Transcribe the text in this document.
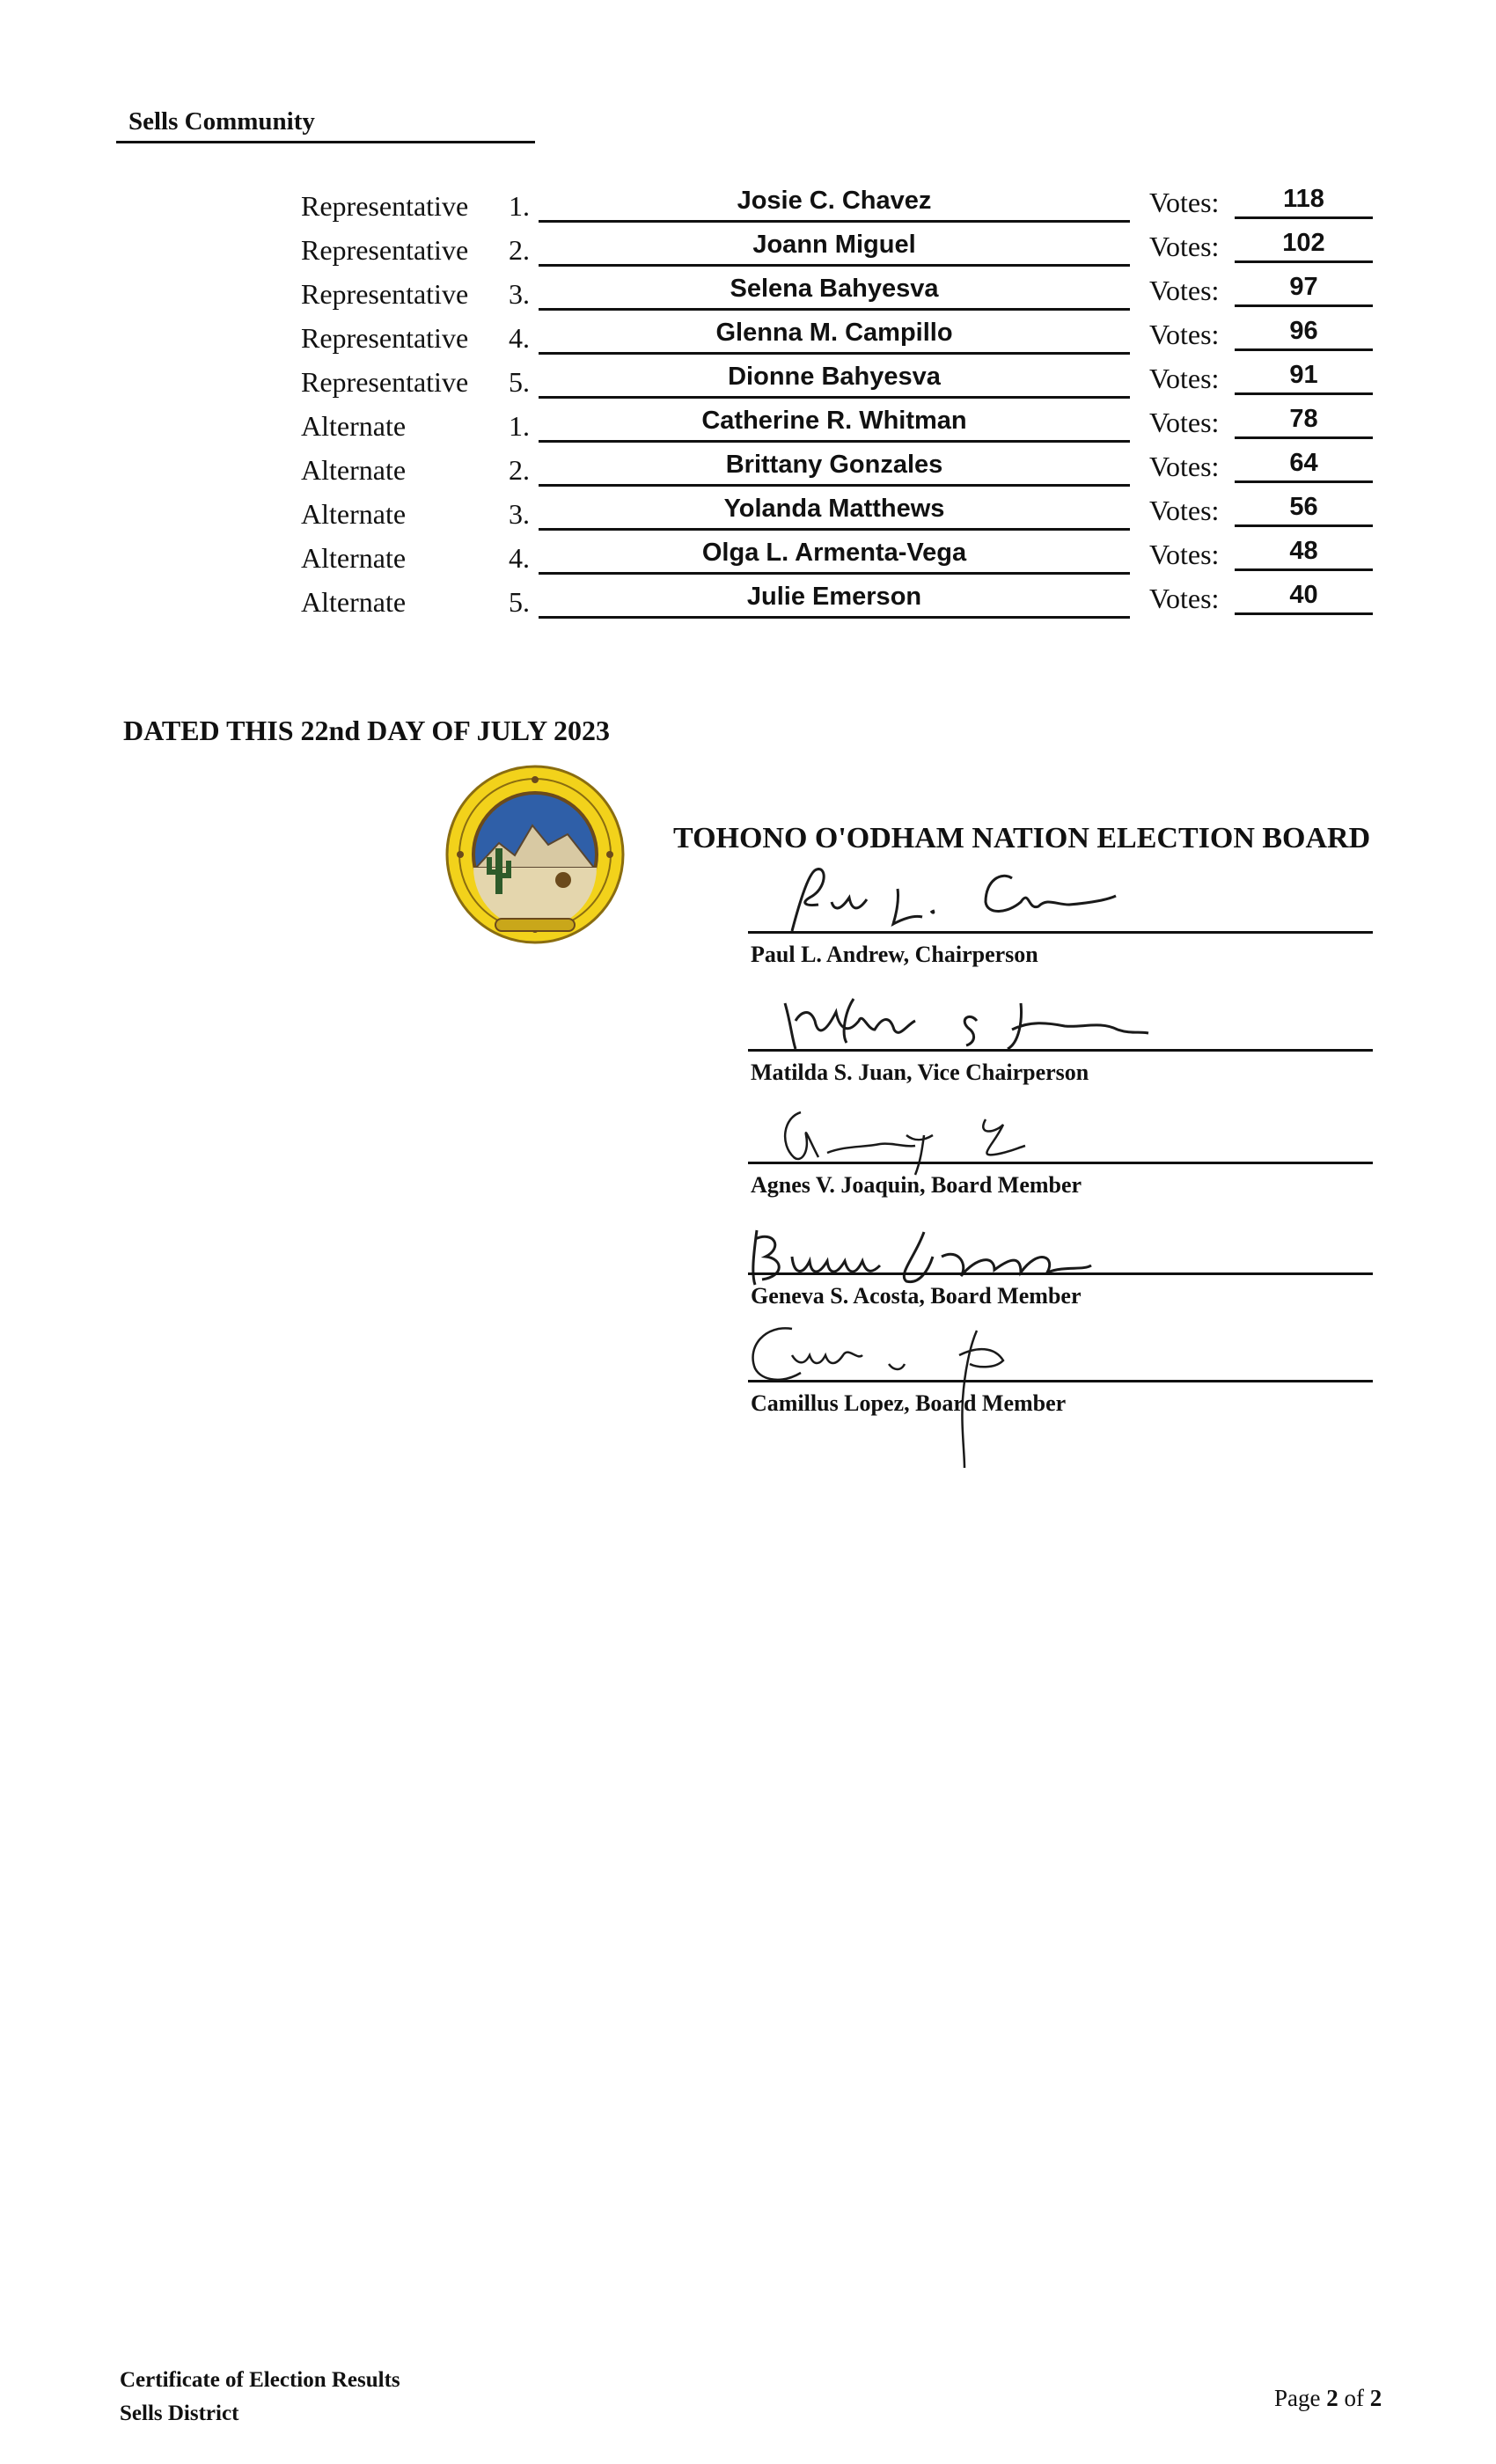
Sells Community
Representative 1.	Josie C. Chavez	Votes:	118
Representative 2.	Joann Miguel	Votes:	102
Representative 3.	Selena Bahyesva	Votes:	97
Representative 4.	Glenna M. Campillo	Votes:	96
Representative 5.	Dionne Bahyesva	Votes:	91
Alternate	1.	Catherine R. Whitman	Votes:	78
Alternate	2.	Brittany Gonzales	Votes:	64
Alternate	3.	Yolanda Matthews	Votes:	56
Alternate	4.	Olga L. Armenta-Vega	Votes:	48
Alternate	5.	Julie Emerson	Votes:	40
DATED THIS 22nd DAY OF JULY 2023
TOHONO O'ODHAM NATION ELECTION BOARD
Paul L. Andrew, Chairperson
Matilda S. Juan, Vice Chairperson
Agnes V. Joaquin, Board Member
Geneva S. Acosta, Board Member
Camillus Lopez, Board Member
Certificate of Election Results
Sells District
Page 2 of 2
